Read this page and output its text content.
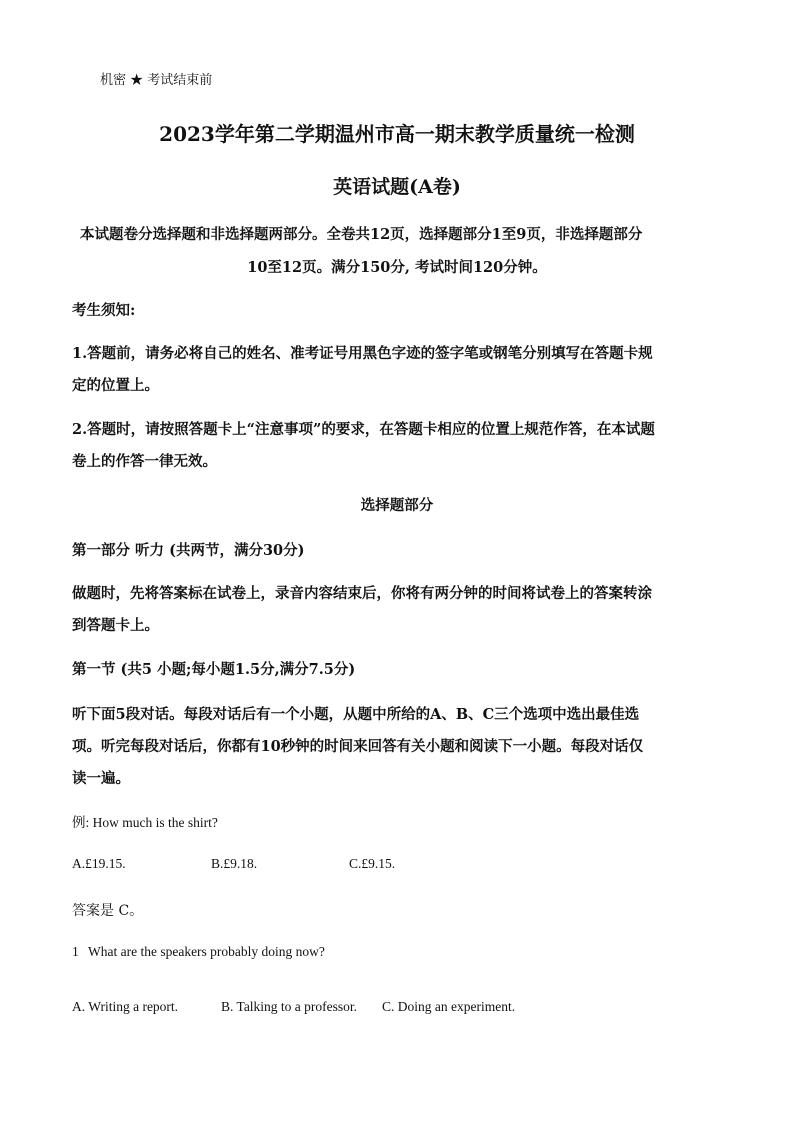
机密 ★ 考试结束前
2023学年第二学期温州市高一期末教学质量统一检测
英语试题(A卷)
本试题卷分选择题和非选择题两部分。全卷共12页，选择题部分1至9页，非选择题部分
10至12页。满分150分, 考试时间120分钟。
考生须知:
1.答题前，请务必将自己的姓名、准考证号用黑色字迹的签字笔或钢笔分别填写在答题卡规
定的位置上。
2.答题时，请按照答题卡上“注意事项”的要求，在答题卡相应的位置上规范作答，在本试题
卷上的作答一律无效。
选择题部分
第一部分 听力 (共两节，满分30分)
做题时，先将答案标在试卷上，录音内容结束后，你将有两分钟的时间将试卷上的答案转涂
到答题卡上。
第一节 (共5 小题;每小题1.5分,满分7.5分)
听下面5段对话。每段对话后有一个小题，从题中所给的A、B、C三个选项中选出最佳选
项。听完每段对话后，你都有10秒钟的时间来回答有关小题和阅读下一小题。每段对话仅
读一遍。
例: How much is the shirt?
A.£19.15.	B.£9.18.	C.£9.15.
答案是 C。
1 What are the speakers probably doing now?
A. Writing a report.	B. Talking to a professor. C. Doing an experiment.
